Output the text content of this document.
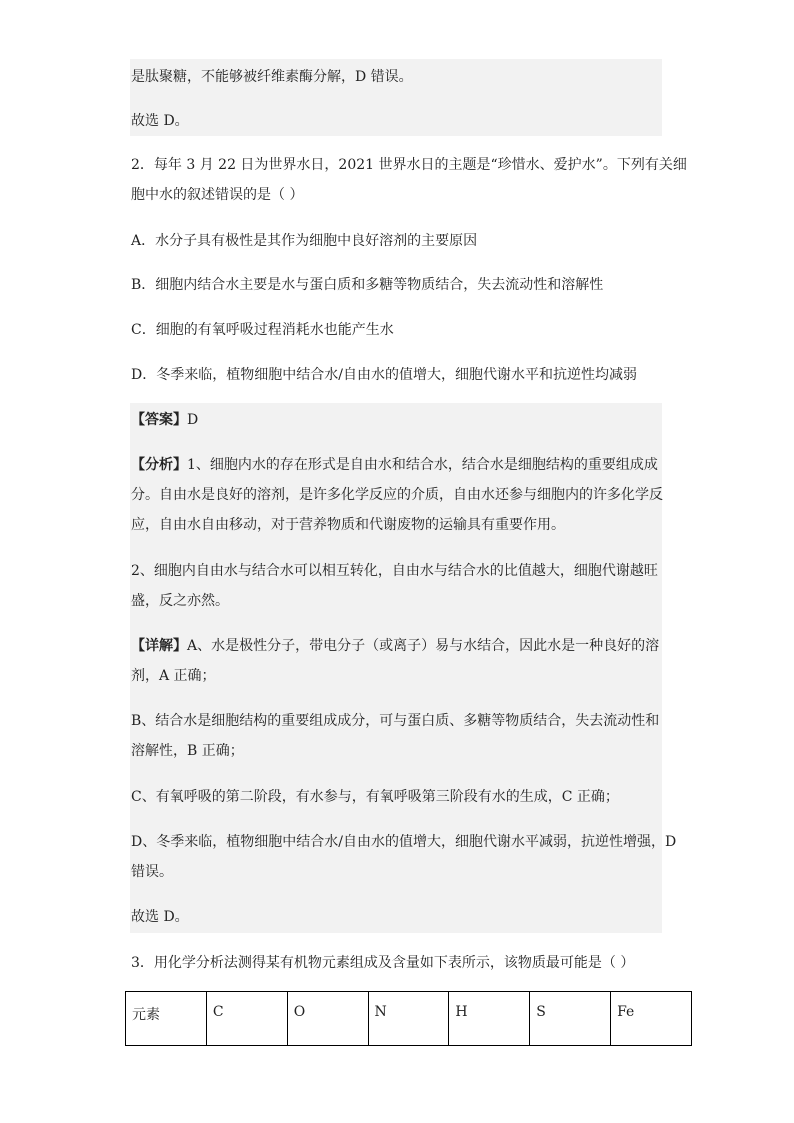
是肽聚糖，不能够被纤维素酶分解，D 错误。
故选 D。
2．每年 3 月 22 日为世界水日，2021 世界水日的主题是“珍惜水、爱护水”。下列有关细
胞中水的叙述错误的是（ ）
A．水分子具有极性是其作为细胞中良好溶剂的主要原因
B．细胞内结合水主要是水与蛋白质和多糖等物质结合，失去流动性和溶解性
C．细胞的有氧呼吸过程消耗水也能产生水
D．冬季来临，植物细胞中结合水/自由水的值增大，细胞代谢水平和抗逆性均减弱
【答案】D
【分析】1、细胞内水的存在形式是自由水和结合水，结合水是细胞结构的重要组成成
分。自由水是良好的溶剂，是许多化学反应的介质，自由水还参与细胞内的许多化学反
应，自由水自由移动，对于营养物质和代谢废物的运输具有重要作用。
2、细胞内自由水与结合水可以相互转化，自由水与结合水的比值越大，细胞代谢越旺
盛，反之亦然。
【详解】A、水是极性分子，带电分子（或离子）易与水结合，因此水是一种良好的溶
剂，A 正确；
B、结合水是细胞结构的重要组成成分，可与蛋白质、多糖等物质结合，失去流动性和
溶解性，B 正确；
C、有氧呼吸的第二阶段，有水参与，有氧呼吸第三阶段有水的生成，C 正确；
D、冬季来临，植物细胞中结合水/自由水的值增大，细胞代谢水平减弱，抗逆性增强，D
错误。
故选 D。
3．用化学分析法测得某有机物元素组成及含量如下表所示，该物质最可能是（ ）
元素	C	O	N	H	S	Fe
